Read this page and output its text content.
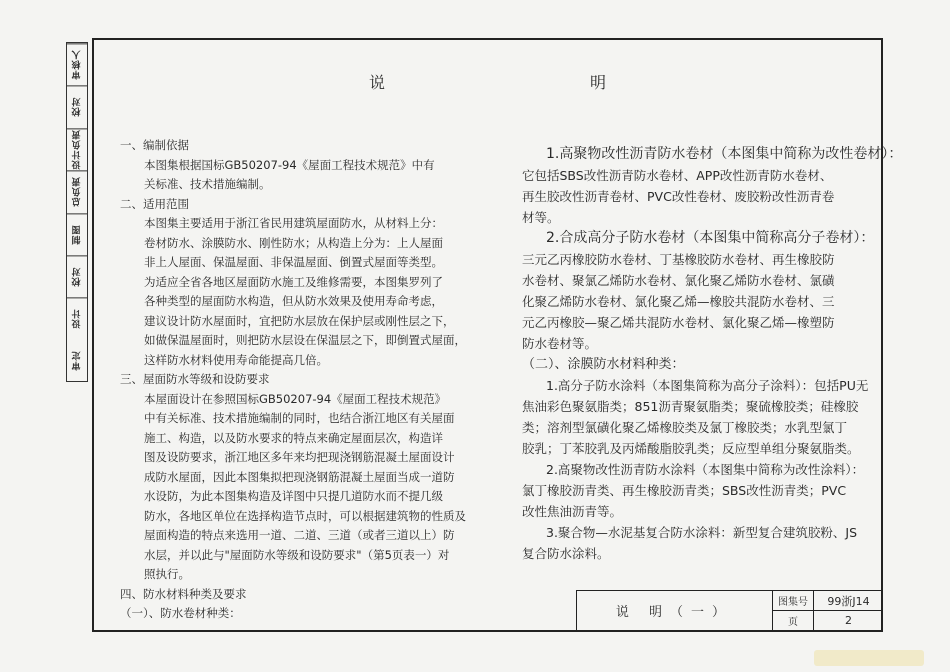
审核人
校对
设计负责
总负责
制图
校对
设计
审定
说 明
一、编制依据
本图集根据国标GB50207-94《屋面工程技术规范》中有
关标准、技术措施编制。
二、适用范围
本图集主要适用于浙江省民用建筑屋面防水，从材料上分：
卷材防水、涂膜防水、刚性防水；从构造上分为：上人屋面
非上人屋面、保温屋面、非保温屋面、倒置式屋面等类型。
为适应全省各地区屋面防水施工及维修需要，本图集罗列了
各种类型的屋面防水构造，但从防水效果及使用寿命考虑，
建议设计防水屋面时，宜把防水层放在保护层或刚性层之下，
如做保温屋面时，则把防水层设在保温层之下，即倒置式屋面，
这样防水材料使用寿命能提高几倍。
三、屋面防水等级和设防要求
本屋面设计在参照国标GB50207-94《屋面工程技术规范》
中有关标准、技术措施编制的同时，也结合浙江地区有关屋面
施工、构造，以及防水要求的特点来确定屋面层次，构造详
图及设防要求，浙江地区多年来均把现浇钢筋混凝土屋面设计
成防水屋面，因此本图集拟把现浇钢筋混凝土屋面当成一道防
水设防，为此本图集构造及详图中只提几道防水而不提几级
防水，各地区单位在选择构造节点时，可以根据建筑物的性质及
屋面构造的特点来选用一道、二道、三道（或者三道以上）防
水层，并以此与"屋面防水等级和设防要求"（第5页表一）对
照执行。
四、防水材料种类及要求
（一）、防水卷材种类：
1.高聚物改性沥青防水卷材（本图集中简称为改性卷材）：
它包括SBS改性沥青防水卷材、APP改性沥青防水卷材、
再生胶改性沥青卷材、PVC改性卷材、废胶粉改性沥青卷
材等。
2.合成高分子防水卷材（本图集中简称高分子卷材）：
三元乙丙橡胶防水卷材、丁基橡胶防水卷材、再生橡胶防
水卷材、聚氯乙烯防水卷材、氯化聚乙烯防水卷材、氯磺
化聚乙烯防水卷材、氯化聚乙烯—橡胶共混防水卷材、三
元乙丙橡胶—聚乙烯共混防水卷材、氯化聚乙烯—橡塑防
防水卷材等。
（二）、涂膜防水材料种类：
1.高分子防水涂料（本图集简称为高分子涂料）：包括PU无
焦油彩色聚氨脂类；851沥青聚氨脂类；聚硫橡胶类；硅橡胶
类；溶剂型氯磺化聚乙烯橡胶类及氯丁橡胶类；水乳型氯丁
胶乳；丁苯胶乳及丙烯酸脂胶乳类；反应型单组分聚氨脂类。
2.高聚物改性沥青防水涂料（本图集中简称为改性涂料）：
氯丁橡胶沥青类、再生橡胶沥青类；SBS改性沥青类；PVC
改性焦油沥青等。
3.聚合物—水泥基复合防水涂料：新型复合建筑胶粉、JS
复合防水涂料。
说 明（一）
图集号	99浙J14
页	2
